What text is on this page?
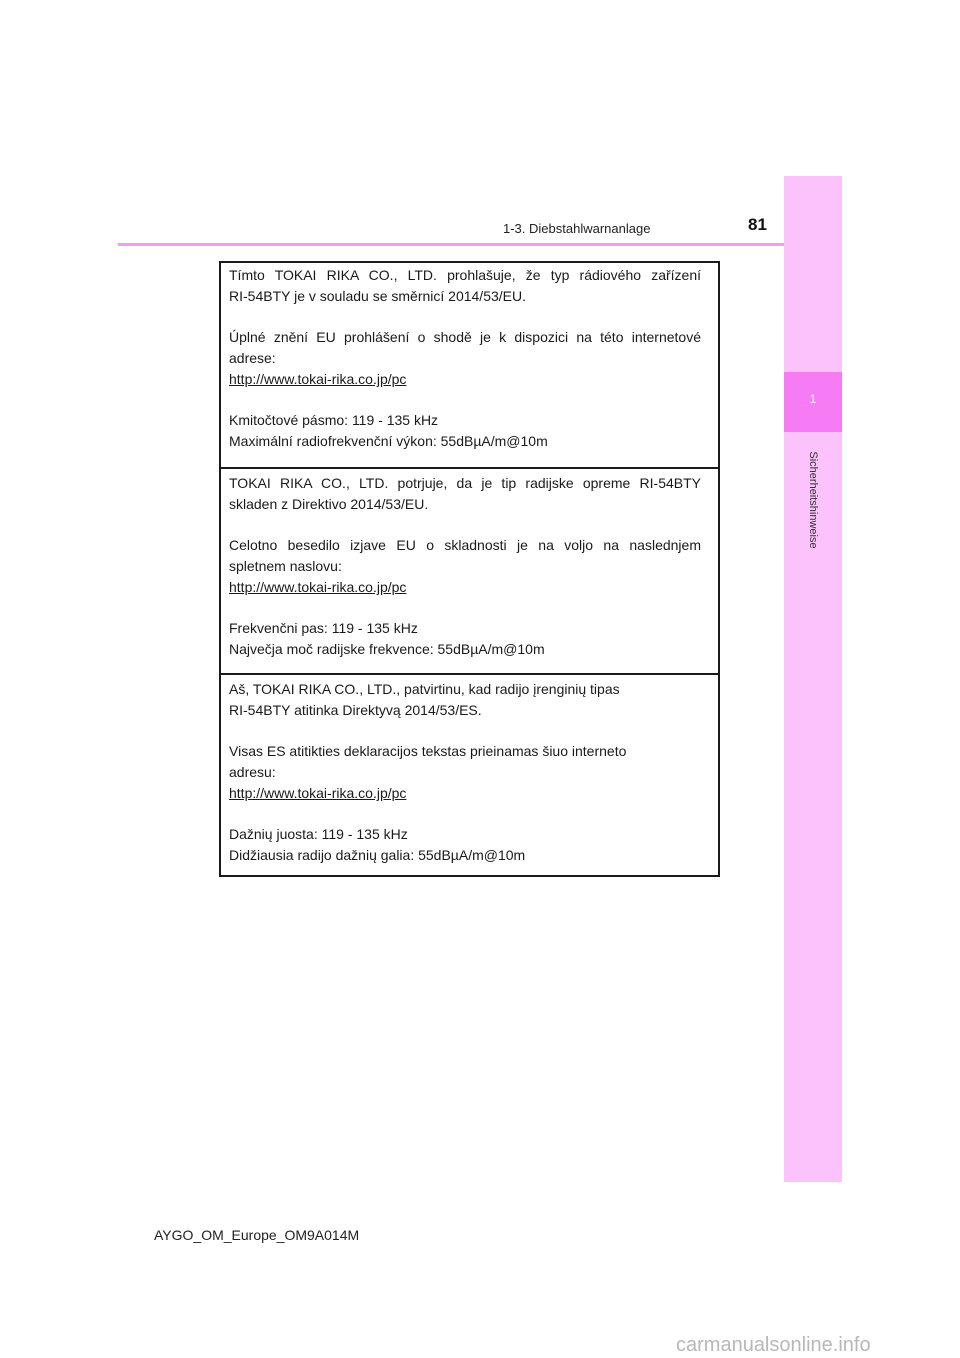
1-3. Diebstahlwarnanlage	81
1
Sicherheitshinweise

Tímto TOKAI RIKA CO., LTD. prohlašuje, že typ rádiového zařízení

RI-54BTY je v souladu se směrnicí 2014/53/EU.

Úplné znění EU prohlášení o shodě je k dispozici na této internetové

adrese:

http://www.tokai-rika.co.jp/pc

Kmitočtové pásmo: 119 - 135 kHz

Maximální radiofrekvenční výkon: 55dBµA/m@10m

TOKAI RIKA CO., LTD. potrjuje, da je tip radijske opreme RI-54BTY

skladen z Direktivo 2014/53/EU.

Celotno besedilo izjave EU o skladnosti je na voljo na naslednjem

spletnem naslovu:

http://www.tokai-rika.co.jp/pc

Frekvenčni pas: 119 - 135 kHz

Največja moč radijske frekvence: 55dBµA/m@10m

Aš, TOKAI RIKA CO., LTD., patvirtinu, kad radijo įrenginių tipas

RI-54BTY atitinka Direktyvą 2014/53/ES.

Visas ES atitikties deklaracijos tekstas prieinamas šiuo interneto

adresu:

http://www.tokai-rika.co.jp/pc

Dažnių juosta: 119 - 135 kHz

Didžiausia radijo dažnių galia: 55dBµA/m@10m

AYGO_OM_Europe_OM9A014M
carmanualsonline.info
